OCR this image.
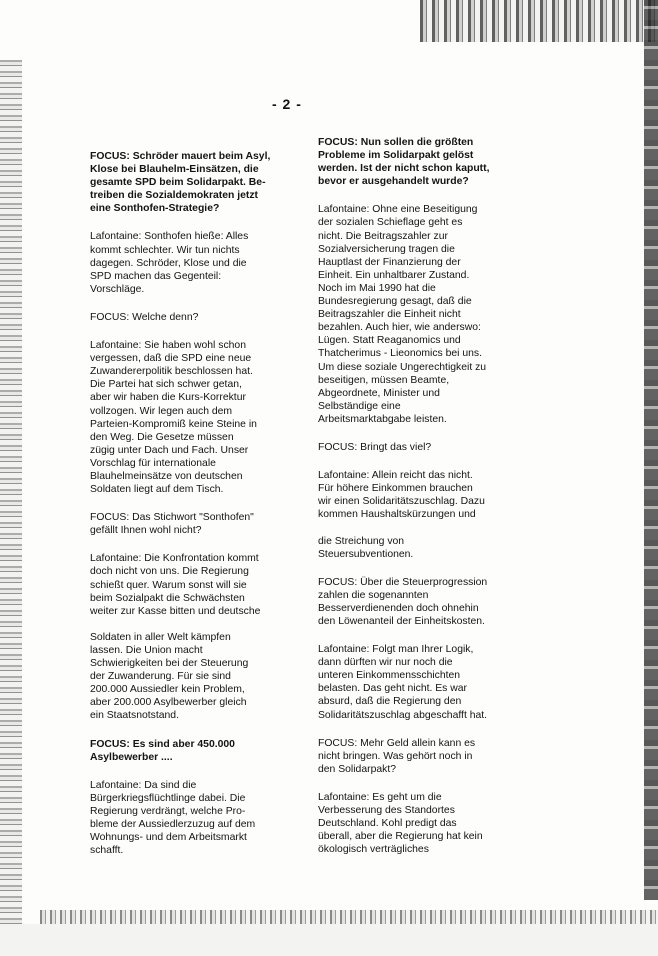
- 2 -

FOCUS: Schröder mauert beim Asyl,
Klose bei Blauhelm-Einsätzen, die
gesamte SPD beim Solidarpakt. Be-
treiben die Sozialdemokraten jetzt
eine Sonthofen-Strategie?

Lafontaine: Sonthofen hieße: Alles
kommt schlechter. Wir tun nichts
dagegen. Schröder, Klose und die
SPD machen das Gegenteil:
Vorschläge.

FOCUS: Welche denn?

Lafontaine: Sie haben wohl schon
vergessen, daß die SPD eine neue
Zuwandererpolitik beschlossen hat.
Die Partei hat sich schwer getan,
aber wir haben die Kurs-Korrektur
vollzogen. Wir legen auch dem
Parteien-Kompromiß keine Steine in
den Weg. Die Gesetze müssen
zügig unter Dach und Fach. Unser
Vorschlag für internationale
Blauhelmeinsätze von deutschen
Soldaten liegt auf dem Tisch.

FOCUS: Das Stichwort "Sonthofen"
gefällt Ihnen wohl nicht?

Lafontaine: Die Konfrontation kommt
doch nicht von uns. Die Regierung
schießt quer. Warum sonst will sie
beim Sozialpakt die Schwächsten
weiter zur Kasse bitten und deutsche

Soldaten in aller Welt kämpfen
lassen. Die Union macht
Schwierigkeiten bei der Steuerung
der Zuwanderung. Für sie sind
200.000 Aussiedler kein Problem,
aber 200.000 Asylbewerber gleich
ein Staatsnotstand.

FOCUS: Es sind aber 450.000
Asylbewerber ....

Lafontaine: Da sind die
Bürgerkriegsflüchtlinge dabei. Die
Regierung verdrängt, welche Pro-
bleme der Aussiedlerzuzug auf dem
Wohnungs- und dem Arbeitsmarkt
schafft.

FOCUS: Nun sollen die größten
Probleme im Solidarpakt gelöst
werden. Ist der nicht schon kaputt,
bevor er ausgehandelt wurde?

Lafontaine: Ohne eine Beseitigung
der sozialen Schieflage geht es
nicht. Die Beitragszahler zur
Sozialversicherung tragen die
Hauptlast der Finanzierung der
Einheit. Ein unhaltbarer Zustand.
Noch im Mai 1990 hat die
Bundesregierung gesagt, daß die
Beitragszahler die Einheit nicht
bezahlen. Auch hier, wie anderswo:
Lügen. Statt Reaganomics und
Thatcherimus - Lieonomics bei uns.
Um diese soziale Ungerechtigkeit zu
beseitigen, müssen Beamte,
Abgeordnete, Minister und
Selbständige eine
Arbeitsmarktabgabe leisten.

FOCUS: Bringt das viel?

Lafontaine: Allein reicht das nicht.
Für höhere Einkommen brauchen
wir einen Solidaritätszuschlag. Dazu
kommen Haushaltskürzungen und

die Streichung von
Steuersubventionen.

FOCUS: Über die Steuerprogression
zahlen die sogenannten
Besserverdienenden doch ohnehin
den Löwenanteil der Einheitskosten.

Lafontaine: Folgt man Ihrer Logik,
dann dürften wir nur noch die
unteren Einkommensschichten
belasten. Das geht nicht. Es war
absurd, daß die Regierung den
Solidaritätszuschlag abgeschafft hat.

FOCUS: Mehr Geld allein kann es
nicht bringen. Was gehört noch in
den Solidarpakt?

Lafontaine: Es geht um die
Verbesserung des Standortes
Deutschland. Kohl predigt das
überall, aber die Regierung hat kein
ökologisch verträgliches
